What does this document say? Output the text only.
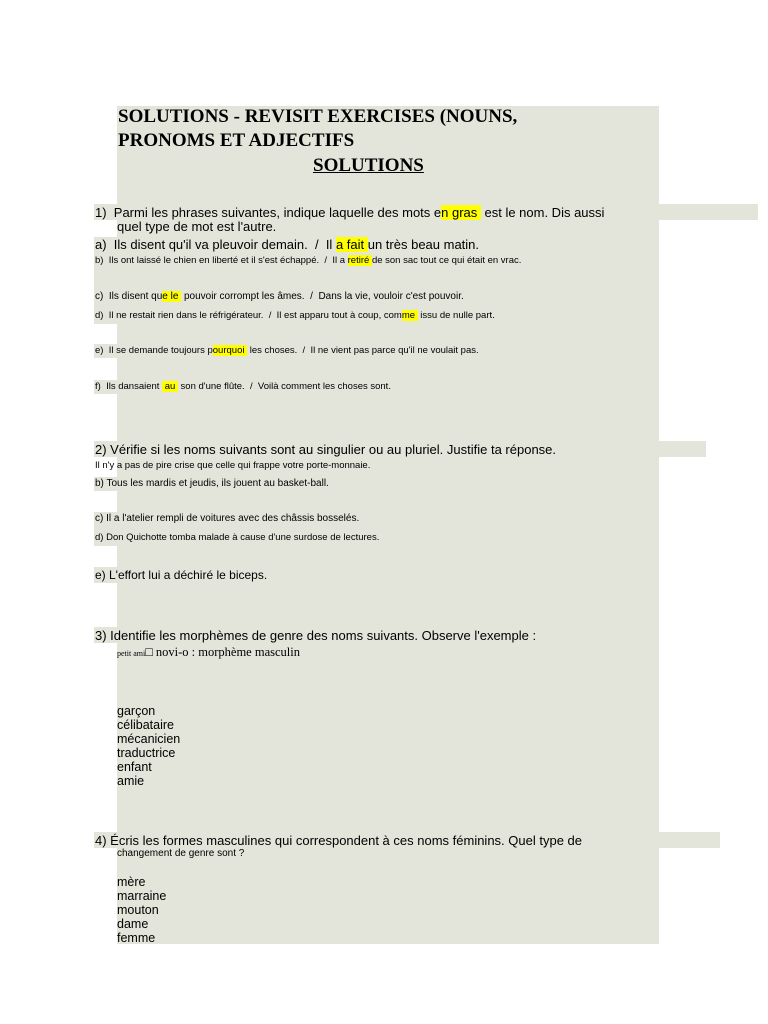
SOLUTIONS - REVISIT EXERCISES (NOUNS,
PRONOMS ET ADJECTIFS
SOLUTIONS
1)  Parmi les phrases suivantes, indique laquelle des mots en gras  est le nom. Dis aussi
quel type de mot est l'autre.
a)  Ils disent qu'il va pleuvoir demain.  /  Il a fait un très beau matin.
b)  Ils ont laissé le chien en liberté et il s'est échappé.  /  Il a retiré de son sac tout ce qui était en vrac.
c)  Ils disent que le  pouvoir corrompt les âmes.  /  Dans la vie, vouloir c'est pouvoir.
d)  Il ne restait rien dans le réfrigérateur.  /  Il est apparu tout à coup, comme  issu de nulle part.
e)  Il se demande toujours pourquoi  les choses.  /  Il ne vient pas parce qu'il ne voulait pas.
f)  Ils dansaient  au  son d'une flûte.  /  Voilà comment les choses sont.
2) Vérifie si les noms suivants sont au singulier ou au pluriel. Justifie ta réponse.
Il n'y a pas de pire crise que celle qui frappe votre porte-monnaie.
b) Tous les mardis et jeudis, ils jouent au basket-ball.
c) Il a l'atelier rempli de voitures avec des châssis bosselés.
d) Don Quichotte tomba malade à cause d'une surdose de lectures.
e) L'effort lui a déchiré le biceps.
3) Identifie les morphèmes de genre des noms suivants. Observe l'exemple :
petit ami□ novi-o : morphème masculin
garçon
célibataire
mécanicien
traductrice
enfant
amie
4) Écris les formes masculines qui correspondent à ces noms féminins. Quel type de
changement de genre sont ?
mère
marraine
mouton
dame
femme
